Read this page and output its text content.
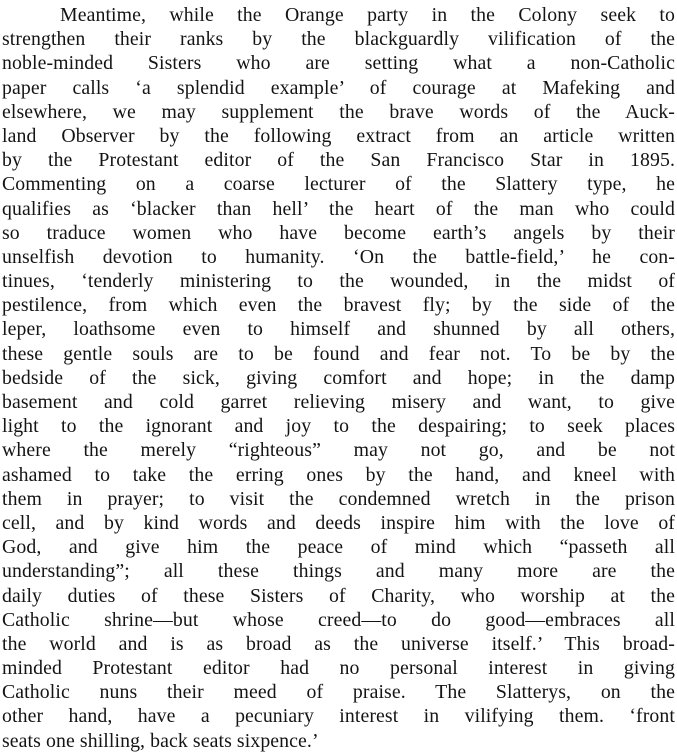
Meantime, while the Orange party in the Colony seek to
strengthen their ranks by the blackguardly vilification of the
noble-minded Sisters who are setting what a non-Catholic
paper calls ‘a splendid example’ of courage at Mafeking and
elsewhere, we may supplement the brave words of the Auck-
land Observer by the following extract from an article written
by the Protestant editor of the San Francisco Star in 1895.
Commenting on a coarse lecturer of the Slattery type, he
qualifies as ‘blacker than hell’ the heart of the man who could
so traduce women who have become earth’s angels by their
unselfish devotion to humanity. ‘On the battle-field,’ he con-
tinues, ‘tenderly ministering to the wounded, in the midst of
pestilence, from which even the bravest fly; by the side of the
leper, loathsome even to himself and shunned by all others,
these gentle souls are to be found and fear not. To be by the
bedside of the sick, giving comfort and hope; in the damp
basement and cold garret relieving misery and want, to give
light to the ignorant and joy to the despairing; to seek places
where the merely “righteous” may not go, and be not
ashamed to take the erring ones by the hand, and kneel with
them in prayer; to visit the condemned wretch in the prison
cell, and by kind words and deeds inspire him with the love of
God, and give him the peace of mind which “passeth all
understanding”; all these things and many more are the
daily duties of these Sisters of Charity, who worship at the
Catholic shrine—but whose creed—to do good—embraces all
the world and is as broad as the universe itself.’ This broad-
minded Protestant editor had no personal interest in giving
Catholic nuns their meed of praise. The Slatterys, on the
other hand, have a pecuniary interest in vilifying them. ‘front
seats one shilling, back seats sixpence.’
